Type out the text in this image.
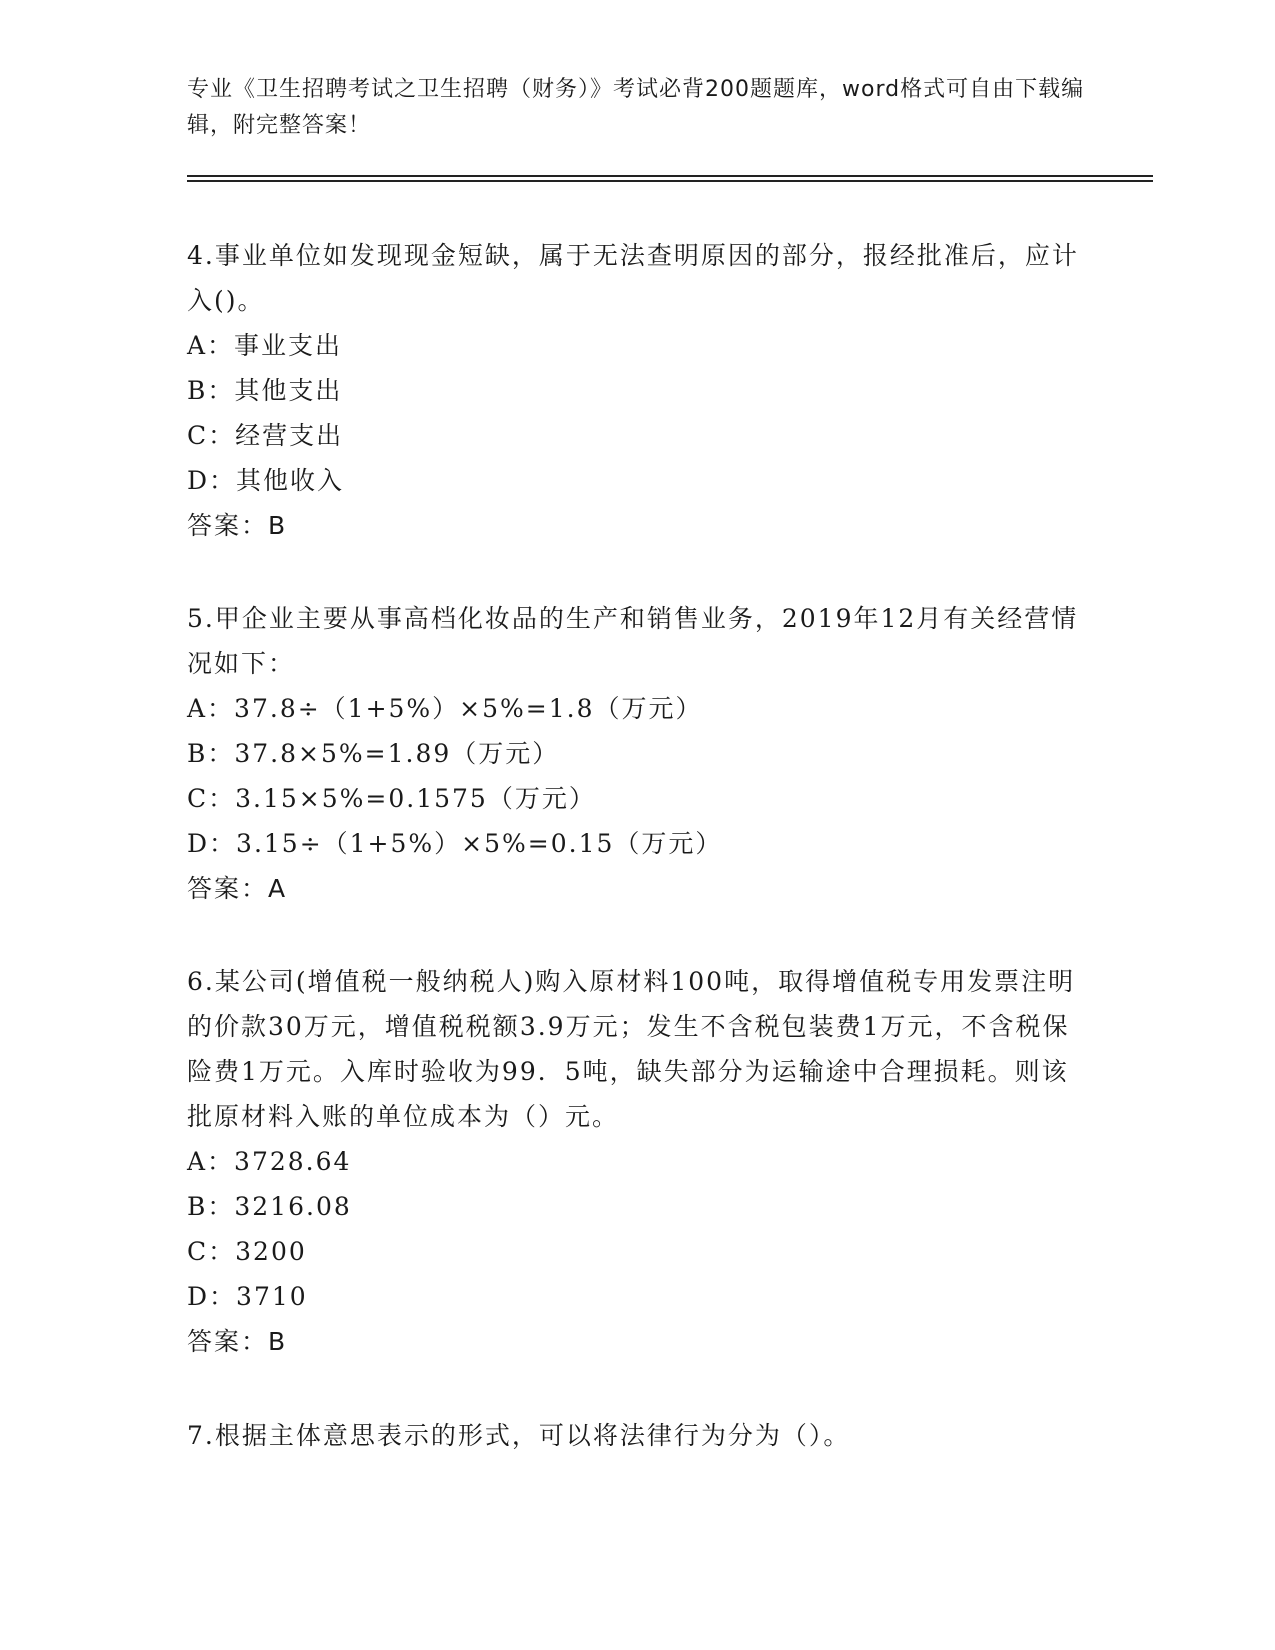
专业《卫生招聘考试之卫生招聘（财务）》考试必背200题题库，word格式可自由下载编辑，附完整答案！
4.事业单位如发现现金短缺，属于无法查明原因的部分，报经批准后，应计入()。
A：事业支出
B：其他支出
C：经营支出
D：其他收入
答案：B
5.甲企业主要从事高档化妆品的生产和销售业务，2019年12月有关经营情况如下：
A：37.8÷（1+5%）×5%=1.8（万元）
B：37.8×5%=1.89（万元）
C：3.15×5%=0.1575（万元）
D：3.15÷（1+5%）×5%=0.15（万元）
答案：A
6.某公司(增值税一般纳税人)购入原材料100吨，取得增值税专用发票注明的价款30万元，增值税税额3.9万元；发生不含税包装费1万元，不含税保险费1万元。入库时验收为99．5吨，缺失部分为运输途中合理损耗。则该批原材料入账的单位成本为（）元。
A：3728.64
B：3216.08
C：3200
D：3710
答案：B
7.根据主体意思表示的形式，可以将法律行为分为（）。
